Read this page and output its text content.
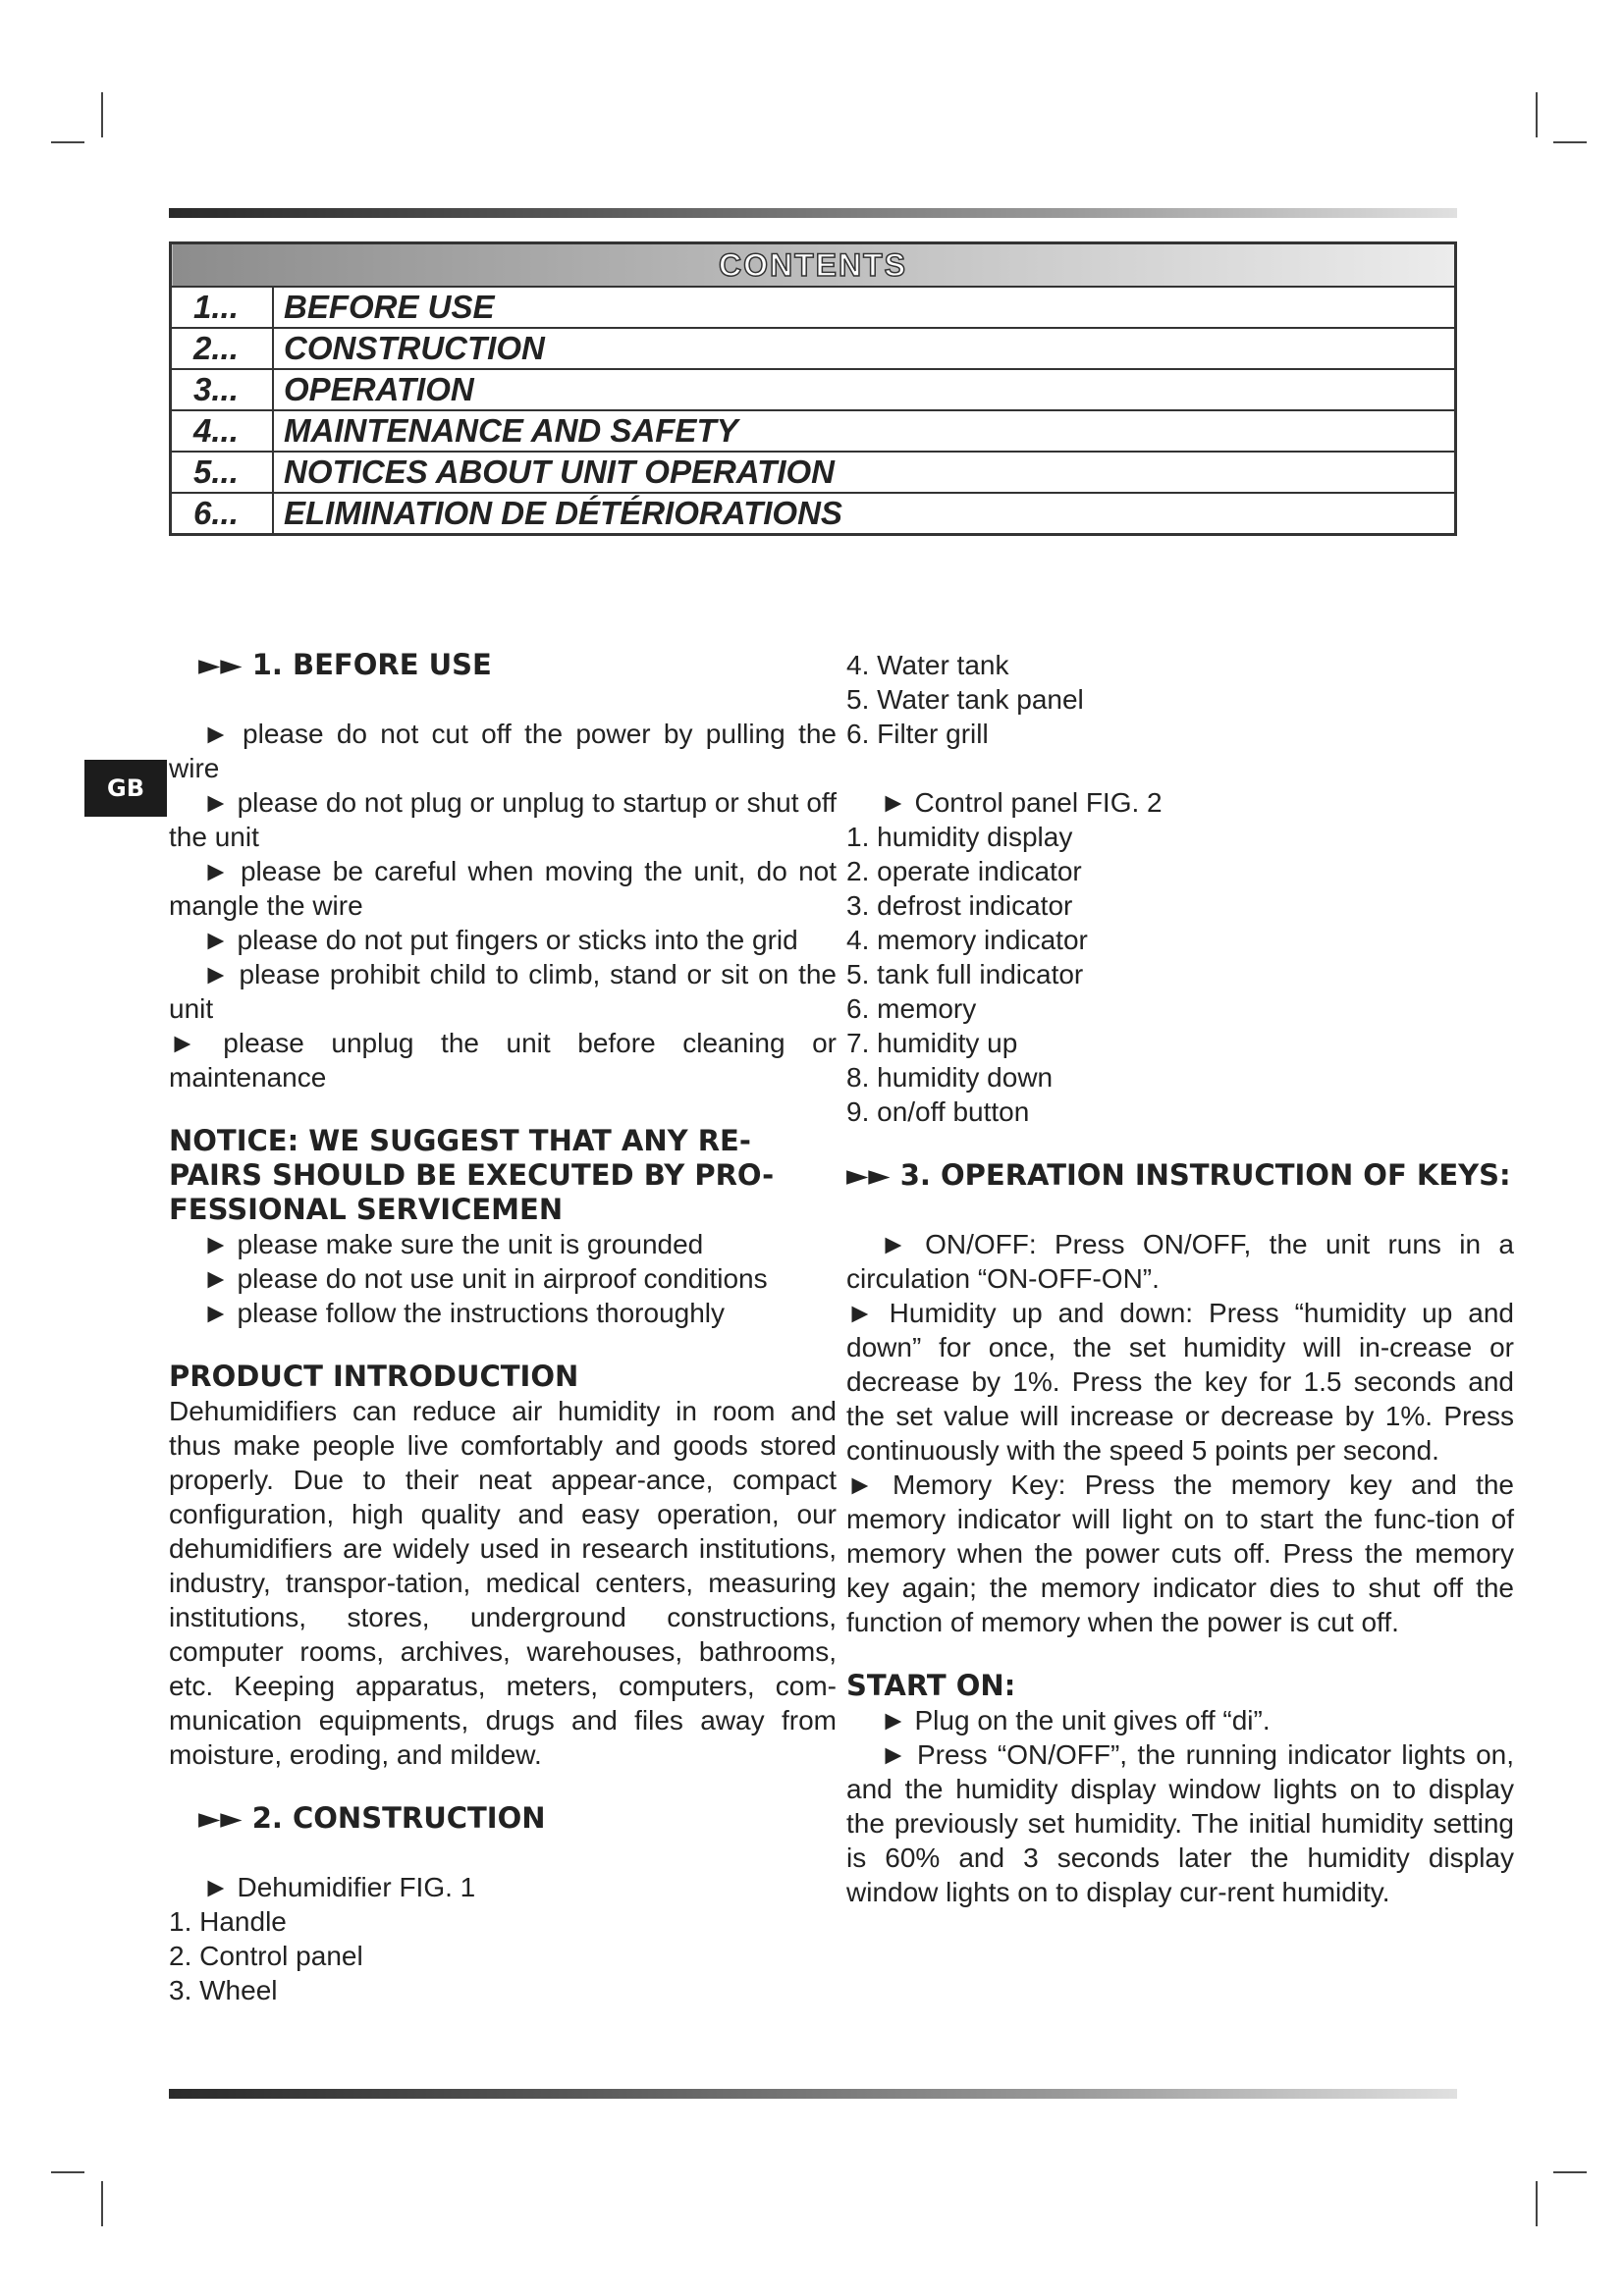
CONTENTS	
1...	BEFORE USE
2...	CONSTRUCTION
3...	OPERATION
4...	MAINTENANCE AND SAFETY
5...	NOTICES ABOUT UNIT OPERATION
6...	ELIMINATION DE DÉTÉRIORATIONS
GB

►► 1. BEFORE USE

► please do not cut off the power by pulling the wire

► please do not plug or unplug to startup or shut off the unit

► please be careful when moving the unit, do not mangle the wire

► please do not put fingers or sticks into the grid

► please prohibit child to climb, stand or sit on the unit

► please unplug the unit before cleaning or maintenance

NOTICE: WE SUGGEST THAT ANY RE-PAIRS SHOULD BE EXECUTED BY PRO-FESSIONAL SERVICEMEN

► please make sure the unit is grounded

► please do not use unit in airproof conditions

► please follow the instructions thoroughly

PRODUCT INTRODUCTION

Dehumidifiers can reduce air humidity in room and thus make people live comfortably and goods stored properly. Due to their neat appear-ance, compact configuration, high quality and easy operation, our dehumidifiers are widely used in research institutions, industry, transpor-tation, medical centers, measuring institutions, stores, underground constructions, computer rooms, archives, warehouses, bathrooms, etc. Keeping apparatus, meters, computers, com-munication equipments, drugs and files away from moisture, eroding, and mildew.

►► 2. CONSTRUCTION

► Dehumidifier FIG. 1

1. Handle

2. Control panel

3. Wheel

4. Water tank

5. Water tank panel

6. Filter grill

► Control panel FIG. 2

1. humidity display

2. operate indicator

3. defrost indicator

4. memory indicator

5. tank full indicator

6. memory

7. humidity up

8. humidity down

9. on/off button

►► 3. OPERATION INSTRUCTION OF KEYS:

► ON/OFF: Press ON/OFF, the unit runs in a circulation “ON-OFF-ON”.

► Humidity up and down: Press “humidity up and down” for once, the set humidity will in-crease or decrease by 1%. Press the key for 1.5 seconds and the set value will increase or decrease by 1%. Press continuously with the speed 5 points per second.

► Memory Key: Press the memory key and the memory indicator will light on to start the func-tion of memory when the power cuts off. Press the memory key again; the memory indicator dies to shut off the function of memory when the power is cut off.

START ON:

► Plug on the unit gives off “di”.

► Press “ON/OFF”, the running indicator lights on, and the humidity display window lights on to display the previously set humidity. The initial humidity setting is 60% and 3 seconds later the humidity display window lights on to display cur-rent humidity.
